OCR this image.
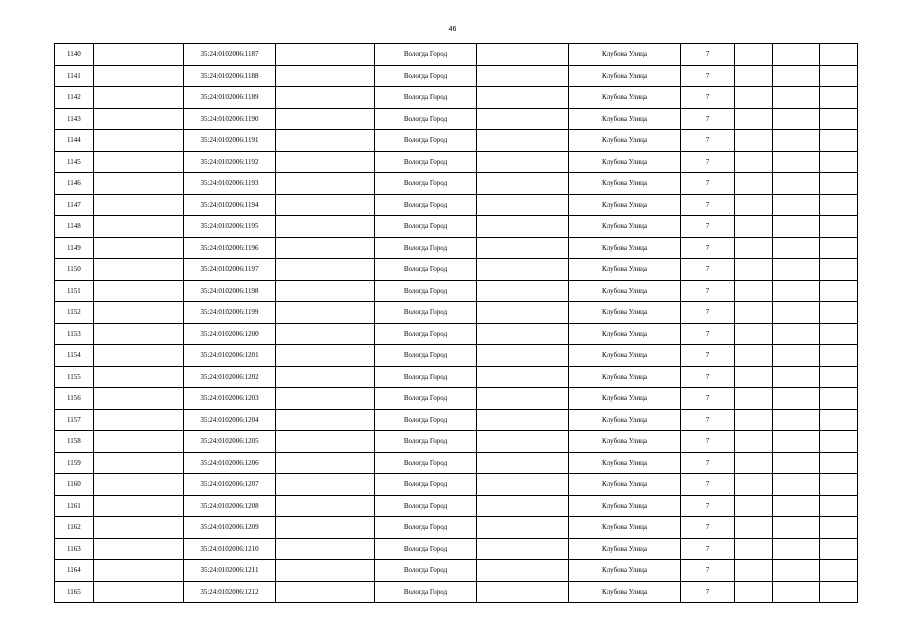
46
1140		35:24:0102006:1187		Вологда Город		Клубова Улица	7			
1141		35:24:0102006:1188		Вологда Город		Клубова Улица	7			
1142		35:24:0102006:1189		Вологда Город		Клубова Улица	7			
1143		35:24:0102006:1190		Вологда Город		Клубова Улица	7			
1144		35:24:0102006:1191		Вологда Город		Клубова Улица	7			
1145		35:24:0102006:1192		Вологда Город		Клубова Улица	7			
1146		35:24:0102006:1193		Вологда Город		Клубова Улица	7			
1147		35:24:0102006:1194		Вологда Город		Клубова Улица	7			
1148		35:24:0102006:1195		Вологда Город		Клубова Улица	7			
1149		35:24:0102006:1196		Вологда Город		Клубова Улица	7			
1150		35:24:0102006:1197		Вологда Город		Клубова Улица	7			
1151		35:24:0102006:1198		Вологда Город		Клубова Улица	7			
1152		35:24:0102006:1199		Вологда Город		Клубова Улица	7			
1153		35:24:0102006:1200		Вологда Город		Клубова Улица	7			
1154		35:24:0102006:1201		Вологда Город		Клубова Улица	7			
1155		35:24:0102006:1202		Вологда Город		Клубова Улица	7			
1156		35:24:0102006:1203		Вологда Город		Клубова Улица	7			
1157		35:24:0102006:1204		Вологда Город		Клубова Улица	7			
1158		35:24:0102006:1205		Вологда Город		Клубова Улица	7			
1159		35:24:0102006:1206		Вологда Город		Клубова Улица	7			
1160		35:24:0102006:1207		Вологда Город		Клубова Улица	7			
1161		35:24:0102006:1208		Вологда Город		Клубова Улица	7			
1162		35:24:0102006:1209		Вологда Город		Клубова Улица	7			
1163		35:24:0102006:1210		Вологда Город		Клубова Улица	7			
1164		35:24:0102006:1211		Вологда Город		Клубова Улица	7			
1165		35:24:0102006:1212		Вологда Город		Клубова Улица	7			
